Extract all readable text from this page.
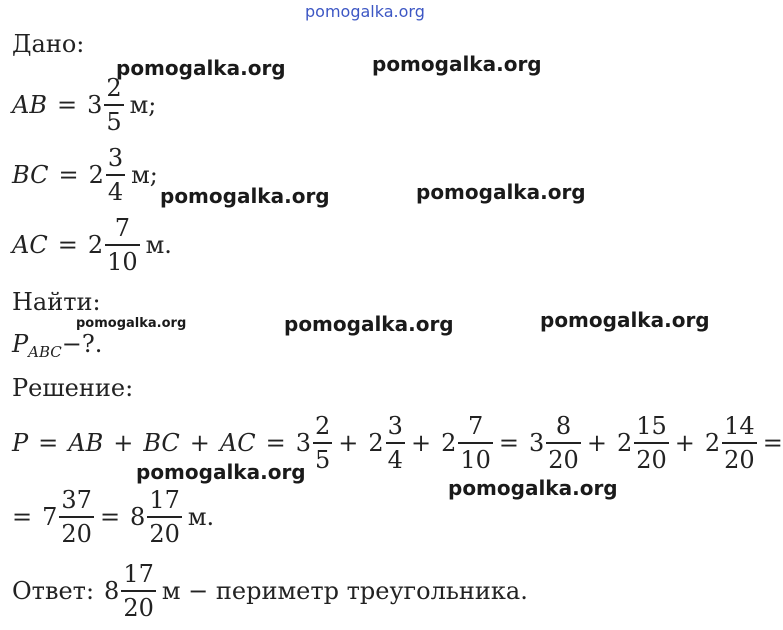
pomogalka.org
Дано:
AB = $3 \frac{2}{5} м$;
BC = $2 \frac{3}{4} м$;
AC = $2 \frac{7}{10} м$.
Найти:
P ABC −?.
Решение:
P = AB + BC + AC = $3 \frac{2}{5} + 2 \frac{3}{4} + 2 \frac{7}{10} = 3 \frac{8}{20} + 2 \frac{15}{20} + 2 \frac{14}{20}$ =
= $7 \frac{37}{20} = 8 \frac{17}{20} м$.
Ответ: $8 \frac{17}{20}$ м − периметр треугольника.
pomogalka.org	pomogalka.org
pomogalka.org	pomogalka.org
pomogalka.org	pomogalka.org	pomogalka.org
pomogalka.org
pomogalka.org
